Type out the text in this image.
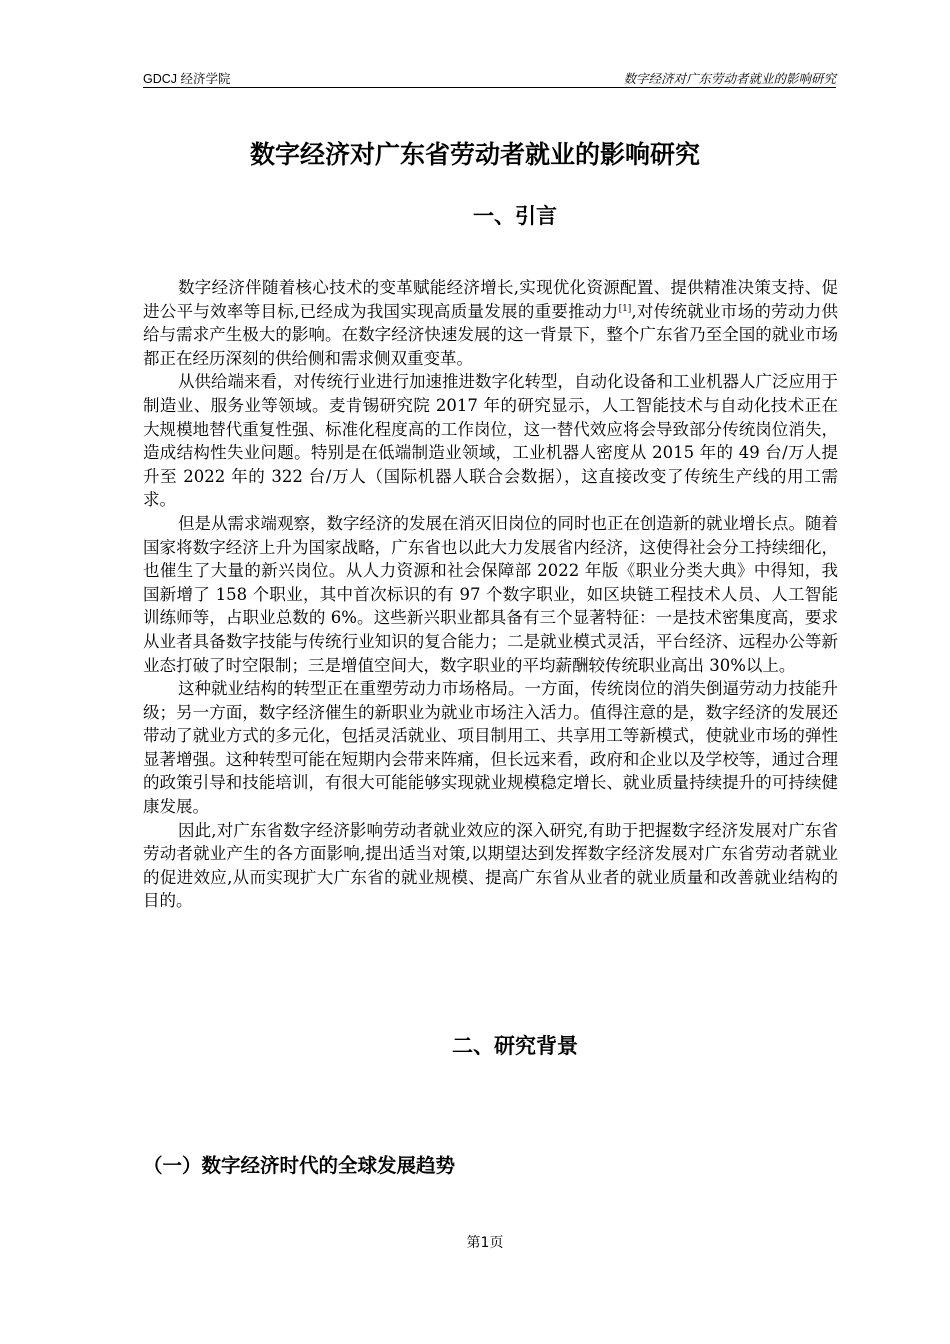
GDCJ 经济学院	数字经济对广东劳动者就业的影响研究
数字经济对广东省劳动者就业的影响研究
一、引言

数字经济伴随着核心技术的变革赋能经济增长,实现优化资源配置、提供精准决策支持、促进公平与效率等目标,已经成为我国实现高质量发展的重要推动力[1],对传统就业市场的劳动力供给与需求产生极大的影响。在数字经济快速发展的这一背景下，整个广东省乃至全国的就业市场都正在经历深刻的供给侧和需求侧双重变革。

从供给端来看，对传统行业进行加速推进数字化转型，自动化设备和工业机器人广泛应用于制造业、服务业等领域。麦肯锡研究院 2017 年的研究显示，人工智能技术与自动化技术正在大规模地替代重复性强、标准化程度高的工作岗位，这一替代效应将会导致部分传统岗位消失，造成结构性失业问题。特别是在低端制造业领域，工业机器人密度从 2015 年的 49 台/万人提升至 2022 年的 322 台/万人（国际机器人联合会数据），这直接改变了传统生产线的用工需求。

但是从需求端观察，数字经济的发展在消灭旧岗位的同时也正在创造新的就业增长点。随着国家将数字经济上升为国家战略，广东省也以此大力发展省内经济，这使得社会分工持续细化，也催生了大量的新兴岗位。从人力资源和社会保障部 2022 年版《职业分类大典》中得知，我国新增了 158 个职业，其中首次标识的有 97 个数字职业，如区块链工程技术人员、人工智能训练师等，占职业总数的 6%。这些新兴职业都具备有三个显著特征：一是技术密集度高，要求从业者具备数字技能与传统行业知识的复合能力；二是就业模式灵活，平台经济、远程办公等新业态打破了时空限制；三是增值空间大，数字职业的平均薪酬较传统职业高出 30%以上。

这种就业结构的转型正在重塑劳动力市场格局。一方面，传统岗位的消失倒逼劳动力技能升级；另一方面，数字经济催生的新职业为就业市场注入活力。值得注意的是，数字经济的发展还带动了就业方式的多元化，包括灵活就业、项目制用工、共享用工等新模式，使就业市场的弹性显著增强。这种转型可能在短期内会带来阵痛，但长远来看，政府和企业以及学校等，通过合理的政策引导和技能培训，有很大可能能够实现就业规模稳定增长、就业质量持续提升的可持续健康发展。

因此,对广东省数字经济影响劳动者就业效应的深入研究,有助于把握数字经济发展对广东省劳动者就业产生的各方面影响,提出适当对策,以期望达到发挥数字经济发展对广东省劳动者就业的促进效应,从而实现扩大广东省的就业规模、提高广东省从业者的就业质量和改善就业结构的目的。

二、研究背景
（一）数字经济时代的全球发展趋势
第1页
